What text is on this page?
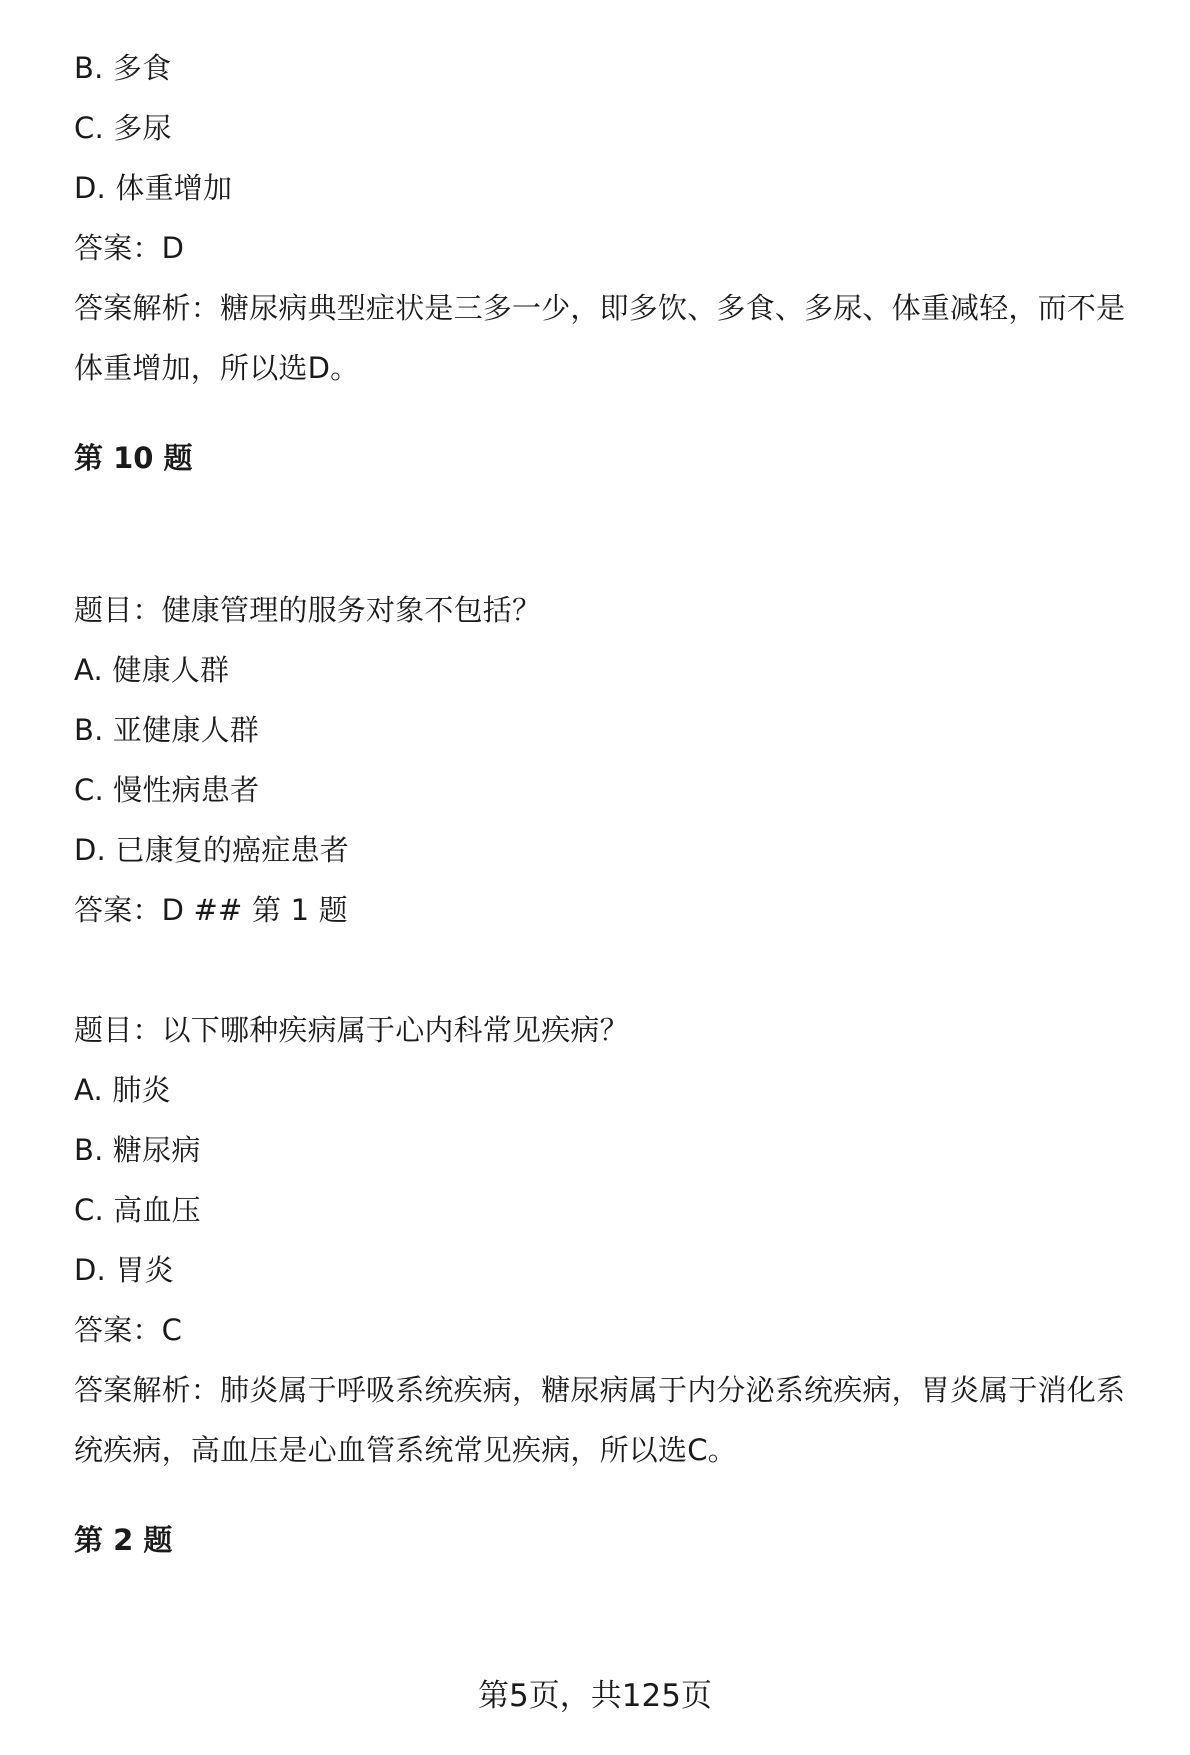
B. 多食
C. 多尿
D. 体重增加
答案：D
答案解析：糖尿病典型症状是三多一少，即多饮、多食、多尿、体重减轻，而不是
体重增加，所以选D。
第 10 题
题目：健康管理的服务对象不包括？
A. 健康人群
B. 亚健康人群
C. 慢性病患者
D. 已康复的癌症患者
答案：D ## 第 1 题
题目：以下哪种疾病属于心内科常见疾病？
A. 肺炎
B. 糖尿病
C. 高血压
D. 胃炎
答案：C
答案解析：肺炎属于呼吸系统疾病，糖尿病属于内分泌系统疾病，胃炎属于消化系
统疾病，高血压是心血管系统常见疾病，所以选C。
第 2 题
第5页，共125页
